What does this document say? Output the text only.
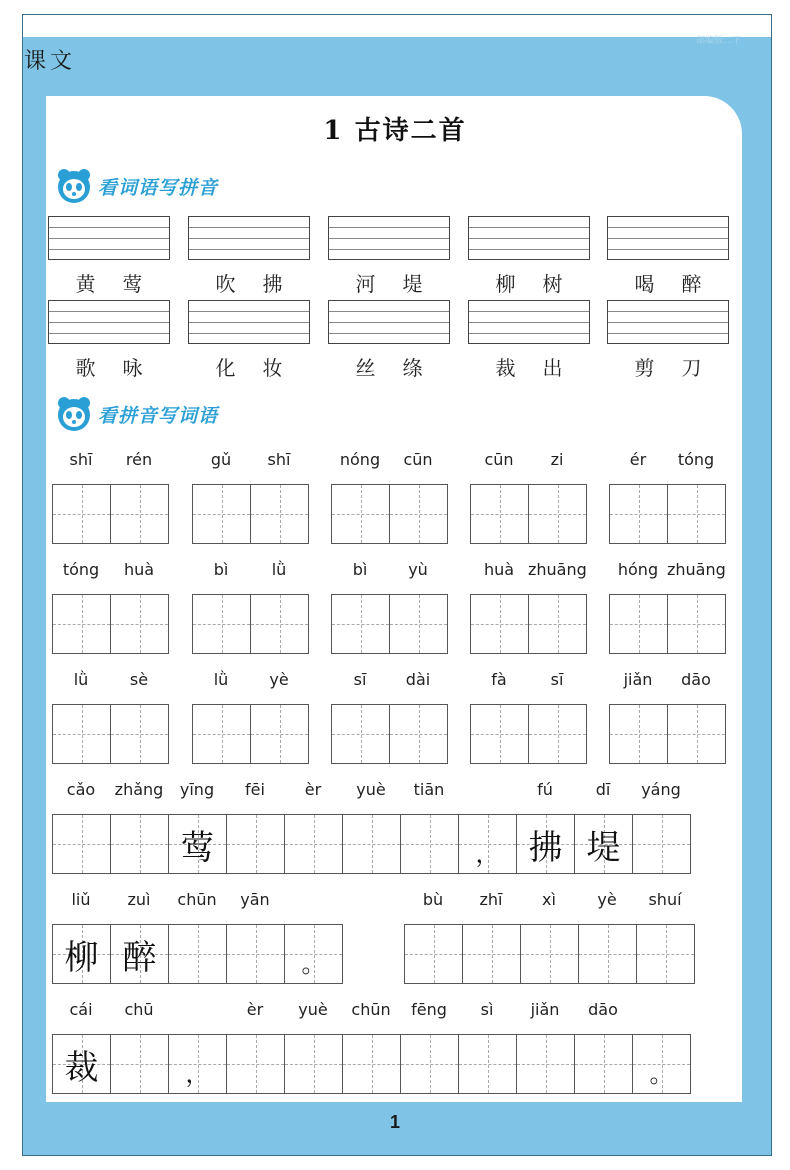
部编版二下
课文
1 古诗二首
看词语写拼音
黄 莺	吹 拂	河 堤	柳 树	喝 醉
歌 咏	化 妆	丝 绦	裁 出	剪 刀
看拼音写词语
shī	rén	gǔ	shī	nóng	cūn	cūn	zi	ér	tóng
tóng	huà	bì	lǜ	bì	yù	huà zhuāng	hóng zhuāng
lǜ	sè	lǜ	yè	sī	dài	fà	sī	jiǎn	dāo
cǎo	zhǎng	yīng	fēi	èr	yuè	tiān	fú	dī	yáng
莺	， 拂 堤
liǔ	zuì	chūn	yān
柳 醉	。
bù	zhī	xì	yè	shuí
cái	chū	èr	yuè	chūn	fēng	sì	jiǎn	dāo
裁	，	。
1
